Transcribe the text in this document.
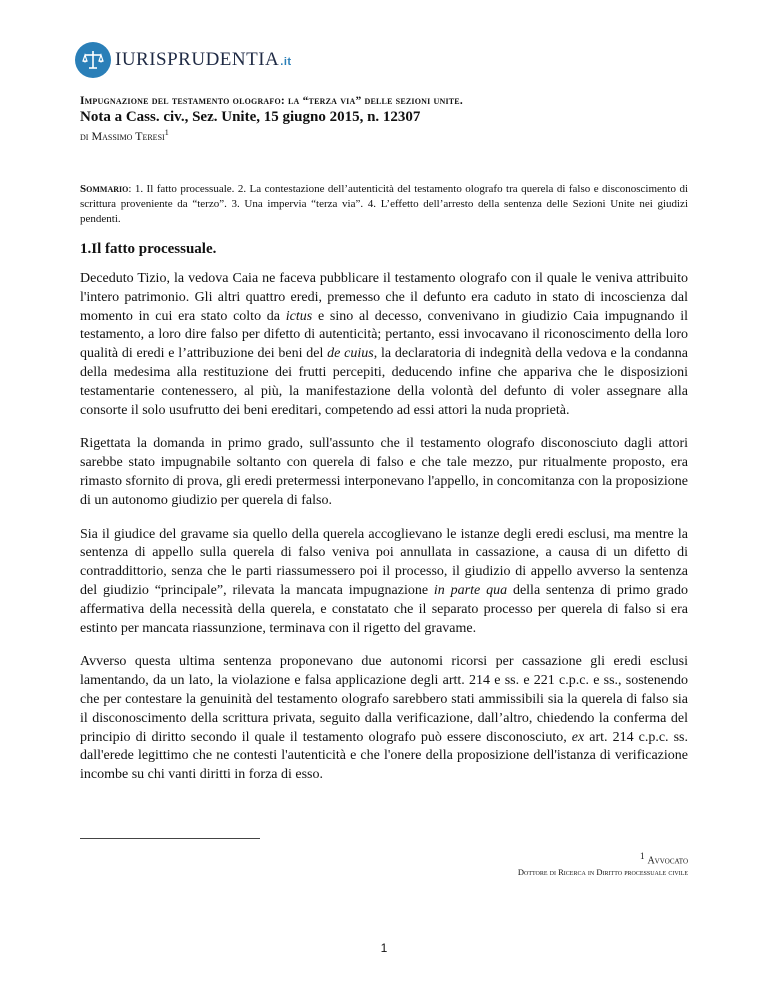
IURISPRUDENTIA.it
Impugnazione del testamento olografo: la “terza via” delle sezioni unite.
Nota a Cass. civ., Sez. Unite, 15 giugno 2015, n. 12307
di Massimo Teresi$^1$
Sommario: 1. Il fatto processuale. 2. La contestazione dell’autenticità del testamento olografo tra querela di falso e disconoscimento di scrittura proveniente da “terzo”. 3. Una impervia “terza via”. 4. L’effetto dell’arresto della sentenza delle Sezioni Unite nei giudizi pendenti.
1.Il fatto processuale.

Deceduto Tizio, la vedova Caia ne faceva pubblicare il testamento olografo con il quale le veniva attribuito l'intero patrimonio. Gli altri quattro eredi, premesso che il defunto era caduto in stato di incoscienza dal momento in cui era stato colto da ictus e sino al decesso, convenivano in giudizio Caia impugnando il testamento, a loro dire falso per difetto di autenticità; pertanto, essi invocavano il riconoscimento della loro qualità di eredi e l’attribuzione dei beni del de cuius, la declaratoria di indegnità della vedova e la condanna della medesima alla restituzione dei frutti percepiti, deducendo infine che appariva che le disposizioni testamentarie contenessero, al più, la manifestazione della volontà del defunto di voler assegnare alla consorte il solo usufrutto dei beni ereditari, competendo ad essi attori la nuda proprietà.

Rigettata la domanda in primo grado, sull'assunto che il testamento olografo disconosciuto dagli attori sarebbe stato impugnabile soltanto con querela di falso e che tale mezzo, pur ritualmente proposto, era rimasto sfornito di prova, gli eredi pretermessi interponevano l'appello, in concomitanza con la proposizione di un autonomo giudizio per querela di falso.

Sia il giudice del gravame sia quello della querela accoglievano le istanze degli eredi esclusi, ma mentre la sentenza di appello sulla querela di falso veniva poi annullata in cassazione, a causa di un difetto di contraddittorio, senza che le parti riassumessero poi il processo, il giudizio di appello avverso la sentenza del giudizio “principale”, rilevata la mancata impugnazione in parte qua della sentenza di primo grado affermativa della necessità della querela, e constatato che il separato processo per querela di falso si era estinto per mancata riassunzione, terminava con il rigetto del gravame.

Avverso questa ultima sentenza proponevano due autonomi ricorsi per cassazione gli eredi esclusi lamentando, da un lato, la violazione e falsa applicazione degli artt. 214 e ss. e 221 c.p.c. e ss., sostenendo che per contestare la genuinità del testamento olografo sarebbero stati ammissibili sia la querela di falso sia il disconoscimento della scrittura privata, seguito dalla verificazione, dall’altro, chiedendo la conferma del principio di diritto secondo il quale il testamento olografo può essere disconosciuto, ex art. 214 c.p.c. ss. dall'erede legittimo che ne contesti l'autenticità e che l'onere della proposizione dell'istanza di verificazione incombe su chi vanti diritti in forza di esso.

$^1$ Avvocato
Dottore di Ricerca in Diritto processuale civile
1
